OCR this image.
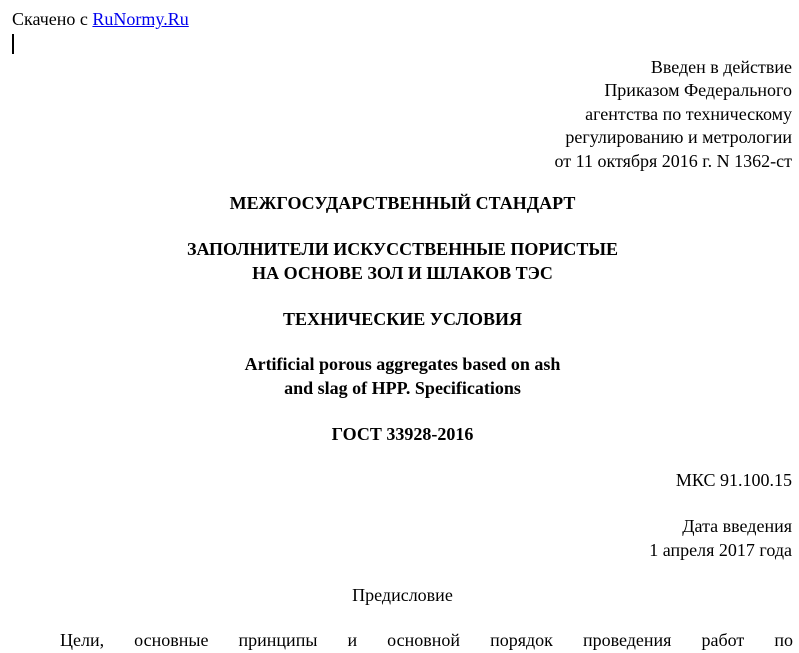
Скачено с RuNormy.Ru
Введен в действие
Приказом Федерального
агентства по техническому
регулированию и метрологии
от 11 октября 2016 г. N 1362-ст
МЕЖГОСУДАРСТВЕННЫЙ СТАНДАРТ
ЗАПОЛНИТЕЛИ ИСКУССТВЕННЫЕ ПОРИСТЫЕ
НА ОСНОВЕ ЗОЛ И ШЛАКОВ ТЭС
ТЕХНИЧЕСКИЕ УСЛОВИЯ
Artificial porous aggregates based on ash
and slag of HPP. Specifications
ГОСТ 33928-2016
МКС 91.100.15
Дата введения
1 апреля 2017 года
Предисловие
Цели, основные принципы и основной порядок проведения работ по
